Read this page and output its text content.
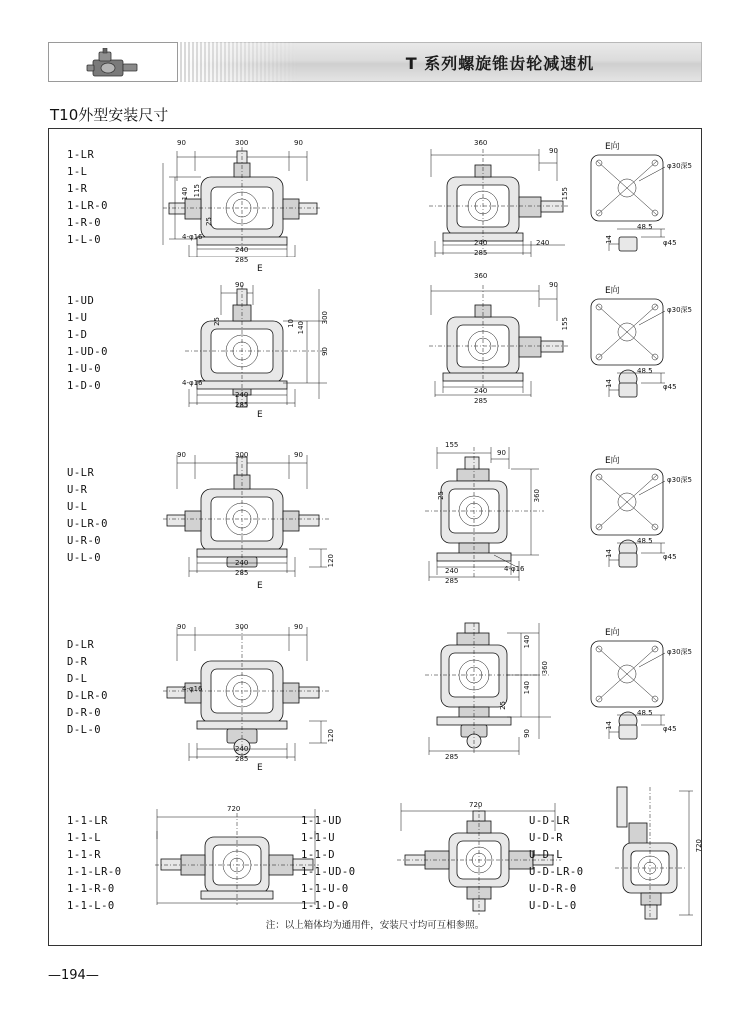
T 系列螺旋锥齿轮减速机
T10外型安装尺寸
1-LR
1-L
1-R
1-LR-0
1-R-0
1-L-0
90	300	90
115
140
25
240
285
4-φ16
E
360
90
155
240	240
285
E向
φ30深5
48.5
φ45
14
1-UD
1-U
1-D
1-UD-0
1-U-0
1-D-0
90
300
140
90
10
25
240
285
4-φ16
E
360
90
155
240
285
E向
φ30深5
48.5
φ45
14
U-LR
U-R
U-L
U-LR-0
U-R-0
U-L-0
90	300	90
240
285
120
E
155
90
360
25
240
285
4-φ16
E向
φ30深5
48.5
φ45
14
D-LR
D-R
D-L
D-LR-0
D-R-0
D-L-0
90	300	90
4-φ16
240
285
120
E
140
140
360
25
90
285
E向
φ30深5
48.5
φ45
14
1-1-LR
1-1-L
1-1-R
1-1-LR-0
1-1-R-0
1-1-L-0
720
1-1-UD
1-1-U
1-1-D
1-1-UD-0
1-1-U-0
1-1-D-0
720
U-D-LR
U-D-R
U-D-L
U-D-LR-0
U-D-R-0
U-D-L-0
720
注：以上箱体均为通用件，安装尺寸均可互相参照。
—194—
